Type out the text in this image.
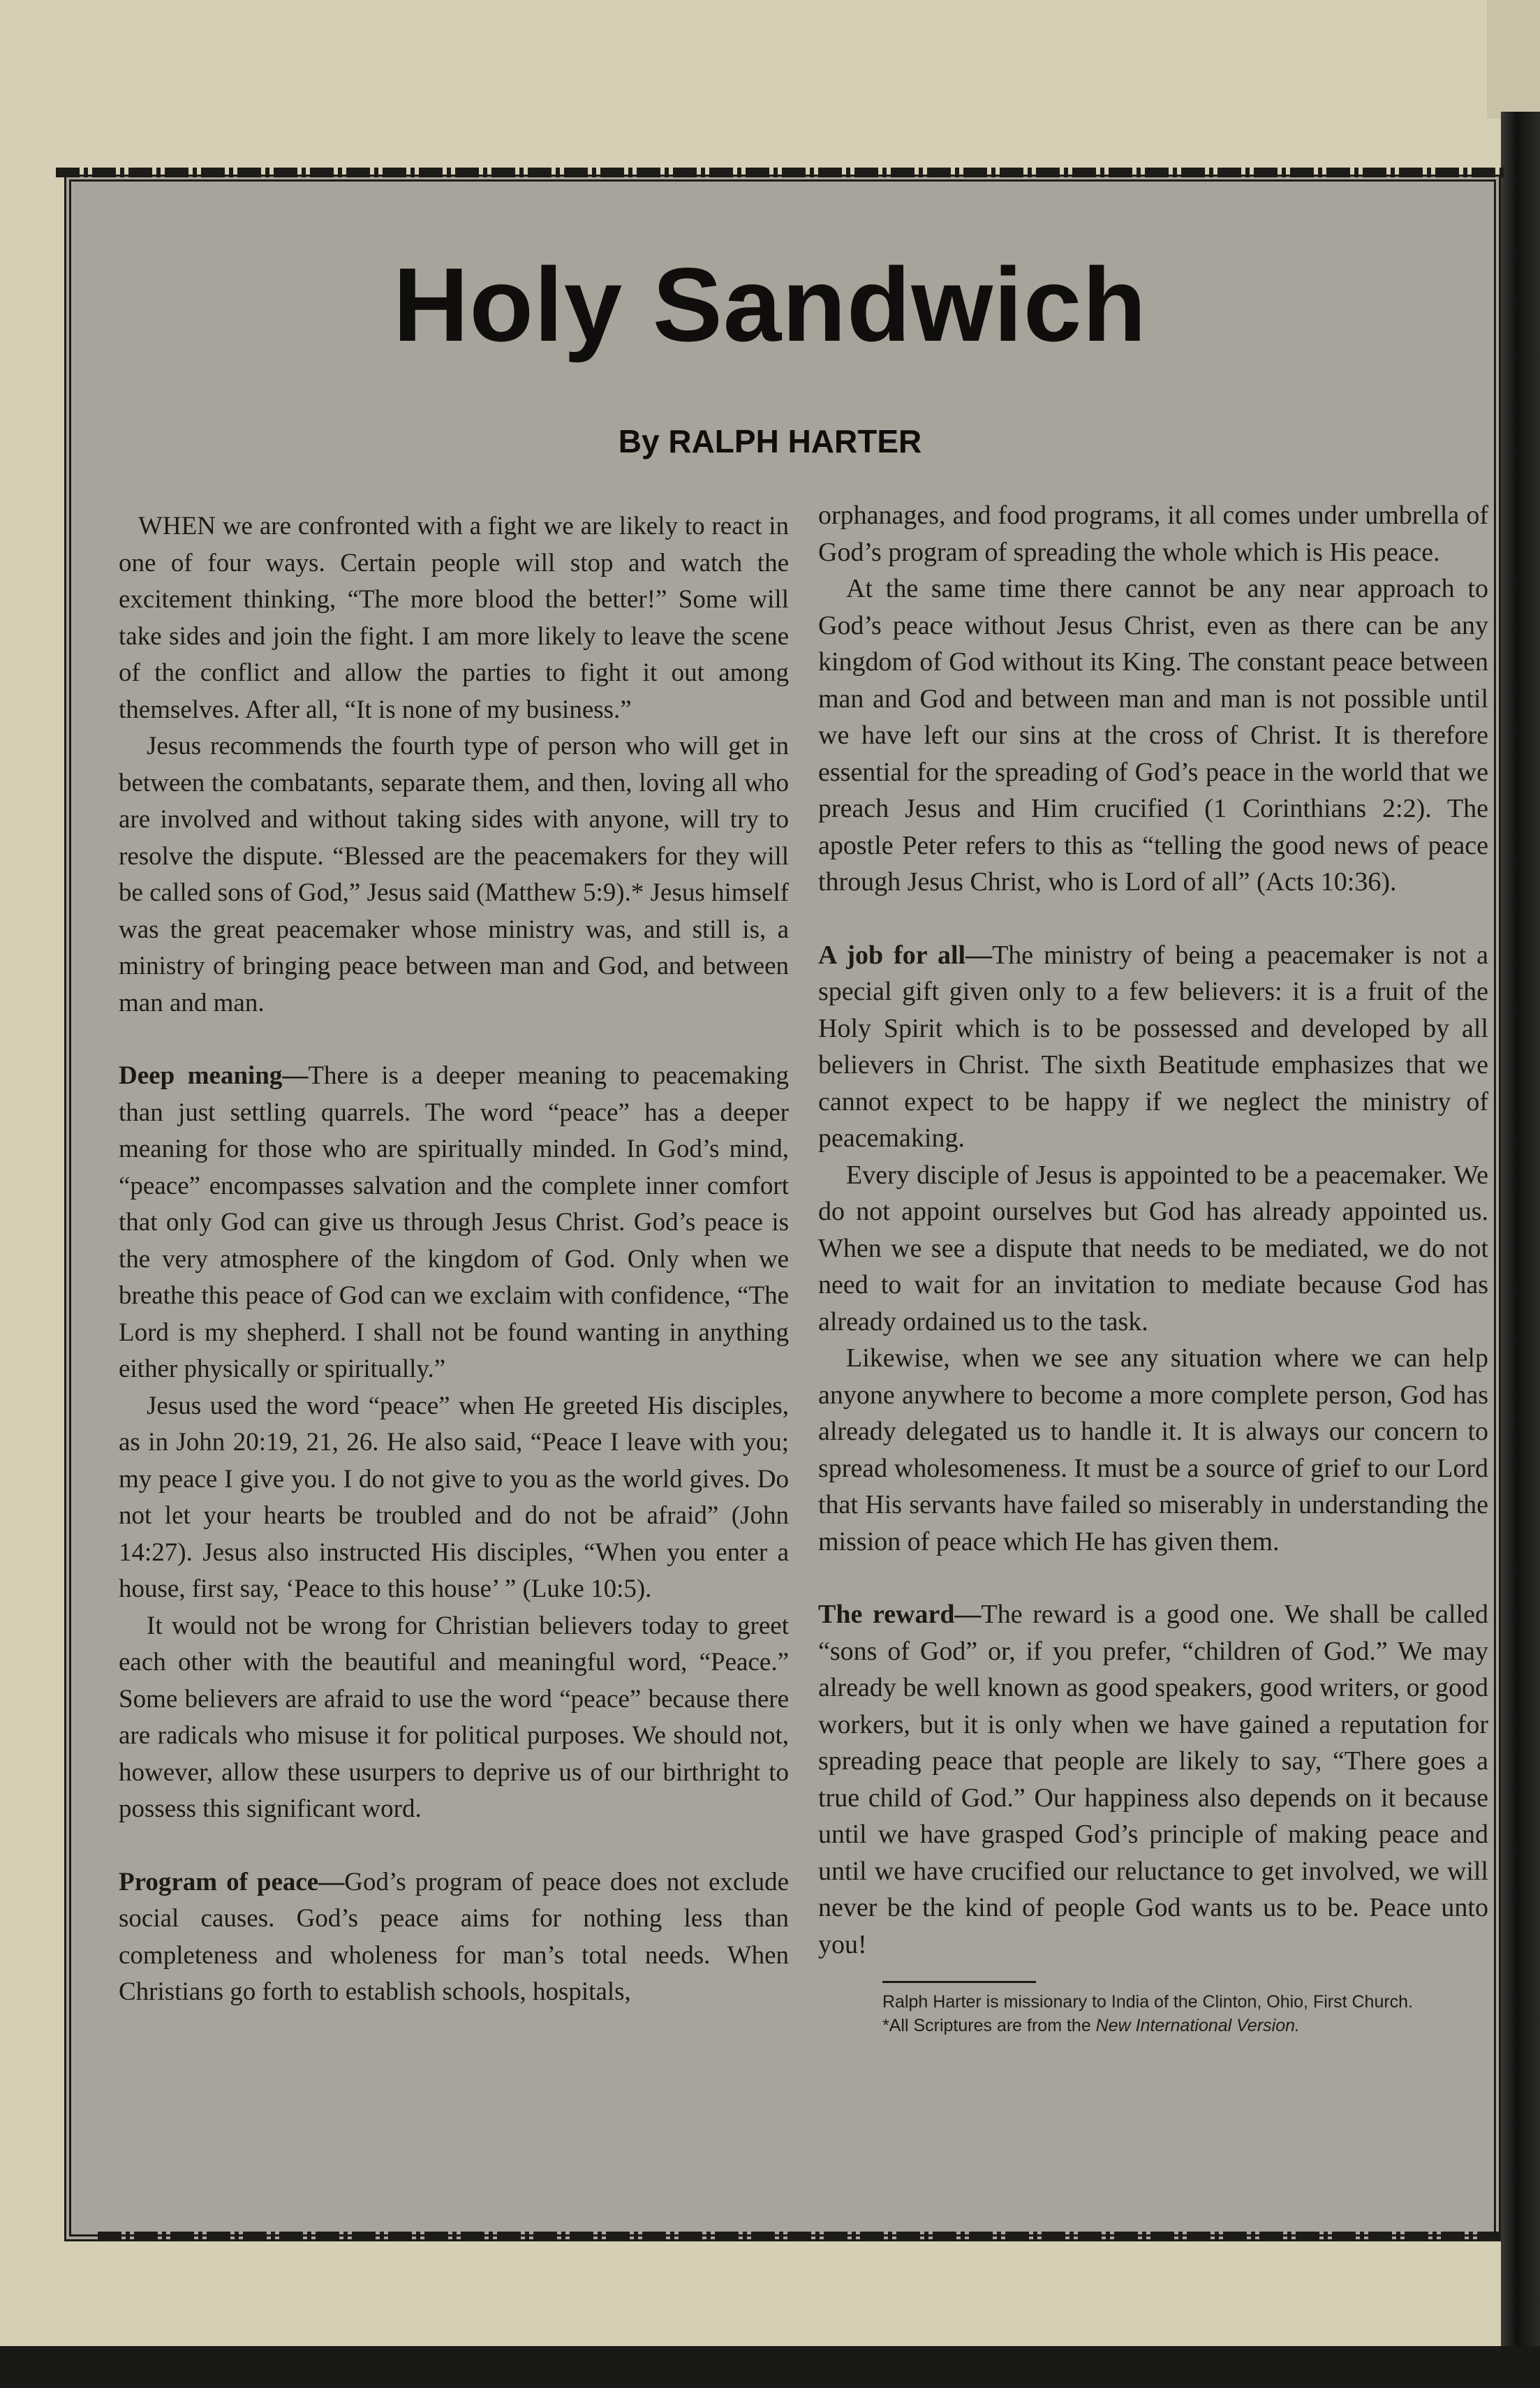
Holy Sandwich
By RALPH HARTER

WHEN we are confronted with a fight we are likely to react in one of four ways. Certain people will stop and watch the excitement thinking, “The more blood the better!” Some will take sides and join the fight. I am more likely to leave the scene of the conflict and allow the parties to fight it out among themselves. After all, “It is none of my business.”

Jesus recommends the fourth type of person who will get in between the combatants, separate them, and then, loving all who are involved and without taking sides with anyone, will try to resolve the dispute. “Blessed are the peacemakers for they will be called sons of God,” Jesus said (Matthew 5:9).* Jesus himself was the great peacemaker whose ministry was, and still is, a ministry of bringing peace between man and God, and between man and man.

Deep meaning—There is a deeper meaning to peacemaking than just settling quarrels. The word “peace” has a deeper meaning for those who are spiritually minded. In God’s mind, “peace” encompasses salvation and the complete inner comfort that only God can give us through Jesus Christ. God’s peace is the very atmosphere of the kingdom of God. Only when we breathe this peace of God can we exclaim with confidence, “The Lord is my shepherd. I shall not be found wanting in anything either physically or spiritually.”

Jesus used the word “peace” when He greeted His disciples, as in John 20:19, 21, 26. He also said, “Peace I leave with you; my peace I give you. I do not give to you as the world gives. Do not let your hearts be troubled and do not be afraid” (John 14:27). Jesus also instructed His disciples, “When you enter a house, first say, ‘Peace to this house’ ” (Luke 10:5).

It would not be wrong for Christian believers today to greet each other with the beautiful and meaningful word, “Peace.” Some believers are afraid to use the word “peace” because there are radicals who misuse it for political purposes. We should not, however, allow these usurpers to deprive us of our birthright to possess this significant word.

Program of peace—God’s program of peace does not exclude social causes. God’s peace aims for nothing less than completeness and wholeness for man’s total needs. When Christians go forth to establish schools, hospitals,

orphanages, and food programs, it all comes under umbrella of God’s program of spreading the whole which is His peace.

At the same time there cannot be any near approach to God’s peace without Jesus Christ, even as there can be any kingdom of God without its King. The constant peace between man and God and between man and man is not possible until we have left our sins at the cross of Christ. It is therefore essential for the spreading of God’s peace in the world that we preach Jesus and Him crucified (1 Corinthians 2:2). The apostle Peter refers to this as “telling the good news of peace through Jesus Christ, who is Lord of all” (Acts 10:36).

A job for all—The ministry of being a peacemaker is not a special gift given only to a few believers: it is a fruit of the Holy Spirit which is to be possessed and developed by all believers in Christ. The sixth Beatitude emphasizes that we cannot expect to be happy if we neglect the ministry of peacemaking.

Every disciple of Jesus is appointed to be a peacemaker. We do not appoint ourselves but God has already appointed us. When we see a dispute that needs to be mediated, we do not need to wait for an invitation to mediate because God has already ordained us to the task.

Likewise, when we see any situation where we can help anyone anywhere to become a more complete person, God has already delegated us to handle it. It is always our concern to spread wholesomeness. It must be a source of grief to our Lord that His servants have failed so miserably in understanding the mission of peace which He has given them.

The reward—The reward is a good one. We shall be called “sons of God” or, if you prefer, “children of God.” We may already be well known as good speakers, good writers, or good workers, but it is only when we have gained a reputation for spreading peace that people are likely to say, “There goes a true child of God.” Our happiness also depends on it because until we have grasped God’s principle of making peace and until we have crucified our reluctance to get involved, we will never be the kind of people God wants us to be. Peace unto you!

Ralph Harter is missionary to India of the Clinton, Ohio, First Church.
*All Scriptures are from the New International Version.
